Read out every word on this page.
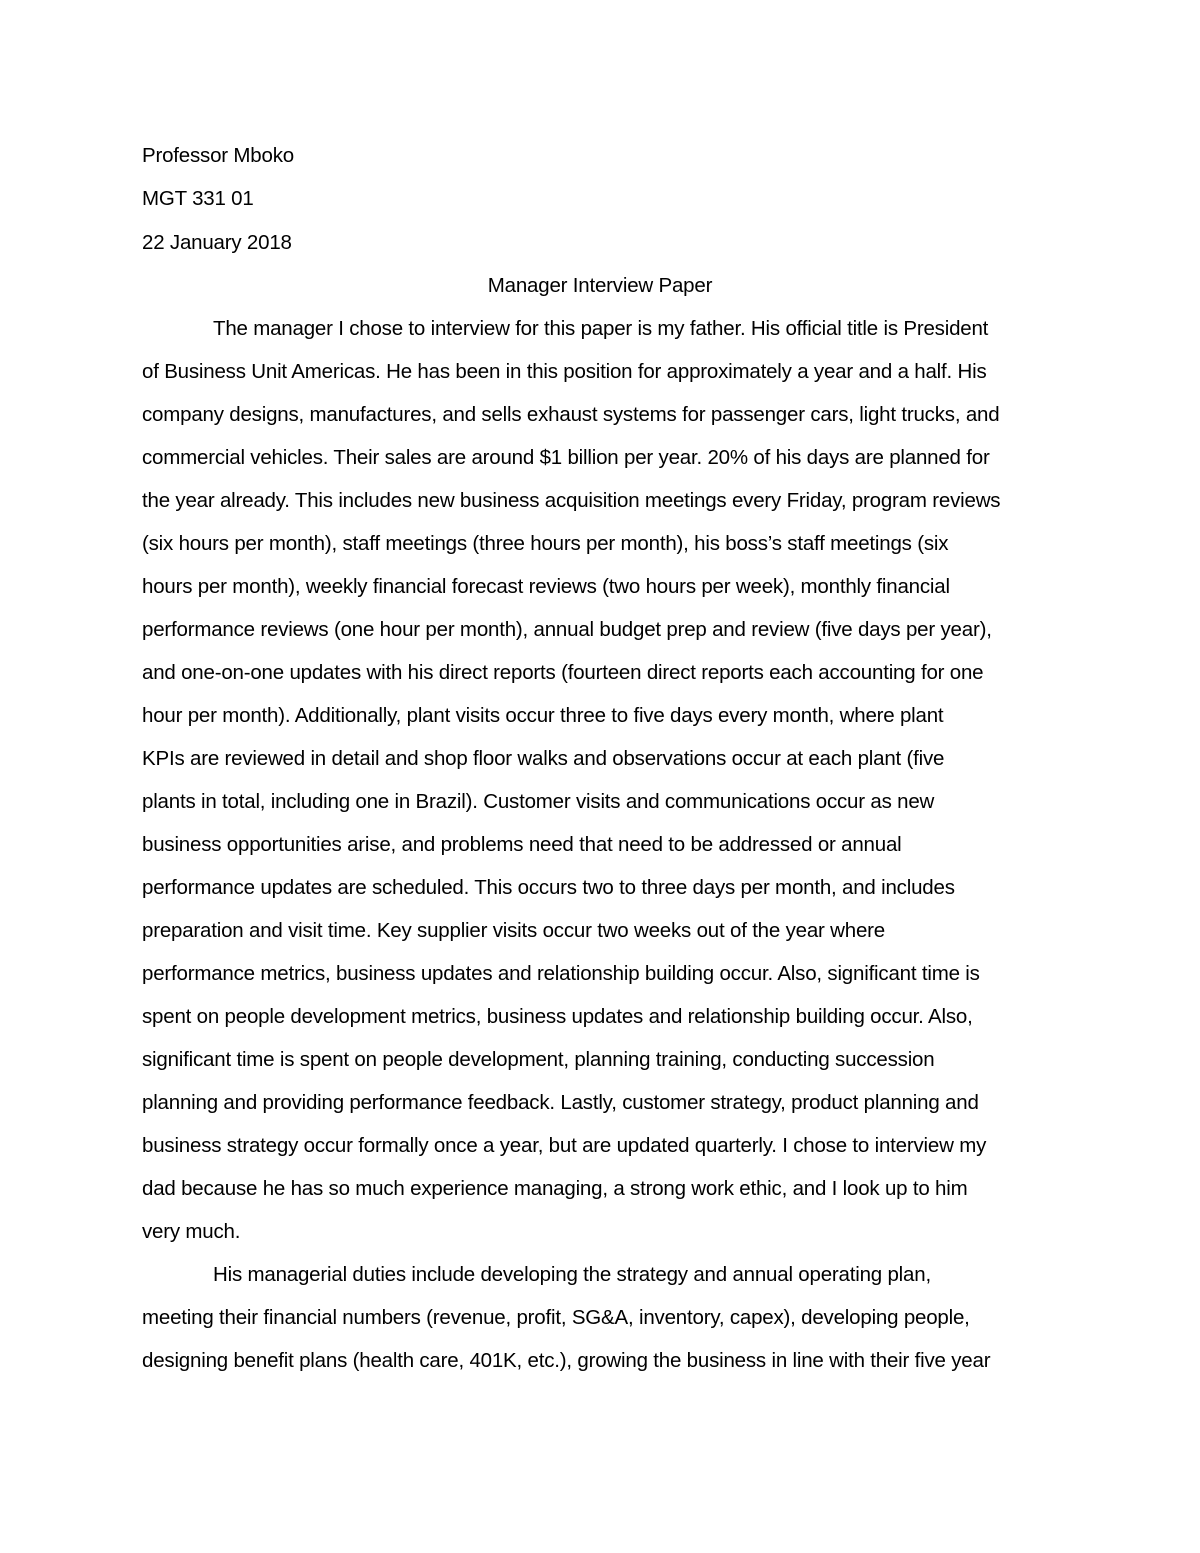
Professor Mboko

MGT 331 01

22 January 2018

Manager Interview Paper

The manager I chose to interview for this paper is my father. His official title is President

of Business Unit Americas. He has been in this position for approximately a year and a half. His

company designs, manufactures, and sells exhaust systems for passenger cars, light trucks, and

commercial vehicles. Their sales are around $1 billion per year. 20% of his days are planned for

the year already. This includes new business acquisition meetings every Friday, program reviews

(six hours per month), staff meetings (three hours per month), his boss’s staff meetings (six

hours per month), weekly financial forecast reviews (two hours per week), monthly financial

performance reviews (one hour per month), annual budget prep and review (five days per year),

and one-on-one updates with his direct reports (fourteen direct reports each accounting for one

hour per month). Additionally, plant visits occur three to five days every month, where plant

KPIs are reviewed in detail and shop floor walks and observations occur at each plant (five

plants in total, including one in Brazil). Customer visits and communications occur as new

business opportunities arise, and problems need that need to be addressed or annual

performance updates are scheduled. This occurs two to three days per month, and includes

preparation and visit time. Key supplier visits occur two weeks out of the year where

performance metrics, business updates and relationship building occur. Also, significant time is

spent on people development metrics, business updates and relationship building occur. Also,

significant time is spent on people development, planning training, conducting succession

planning and providing performance feedback. Lastly, customer strategy, product planning and

business strategy occur formally once a year, but are updated quarterly. I chose to interview my

dad because he has so much experience managing, a strong work ethic, and I look up to him

very much.

His managerial duties include developing the strategy and annual operating plan,

meeting their financial numbers (revenue, profit, SG&A, inventory, capex), developing people,

designing benefit plans (health care, 401K, etc.), growing the business in line with their five year
